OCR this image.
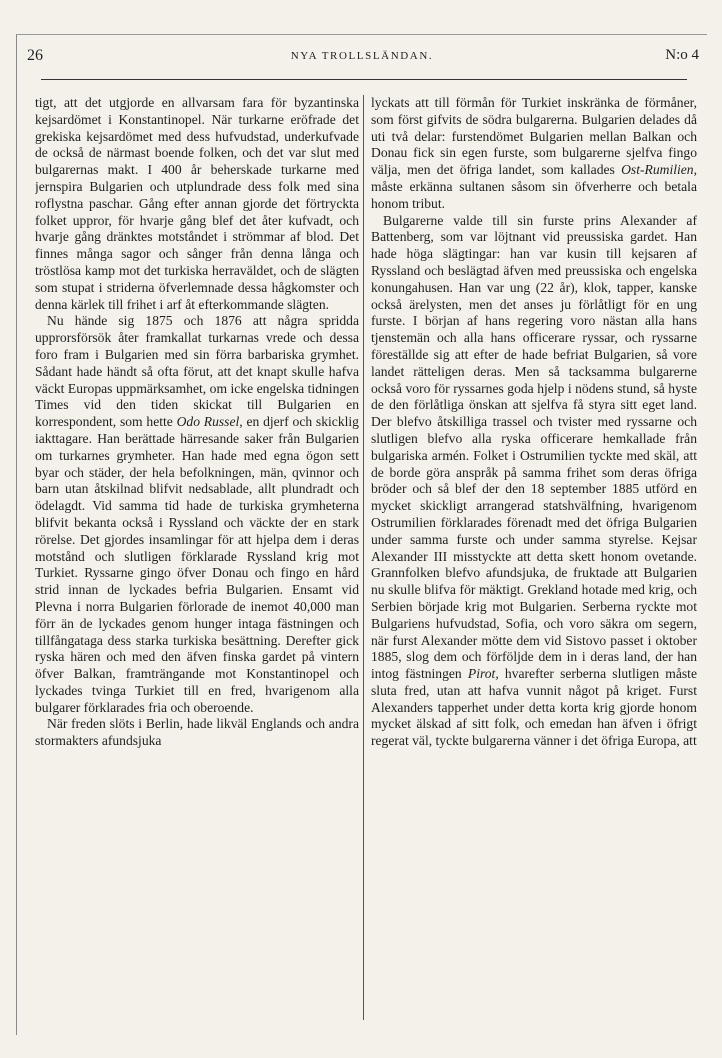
26	NYA TROLLSLÄNDAN.	N:o 4

tigt, att det utgjorde en allvarsam fara för byzantinska kejsardömet i Konstantinopel. När turkarne eröfrade det grekiska kejsardömet med dess hufvudstad, underkufvade de också de närmast boende folken, och det var slut med bulgarernas makt. I 400 år beherskade turkarne med jernspira Bulgarien och utplundrade dess folk med sina roflystna paschar. Gång efter annan gjorde det förtryckta folket uppror, för hvarje gång blef det åter kufvadt, och hvarje gång dränktes motståndet i strömmar af blod. Det finnes många sagor och sånger från denna långa och tröstlösa kamp mot det turkiska herraväldet, och de slägten som stupat i striderna öfverlemnade dessa hågkomster och denna kärlek till frihet i arf åt efterkommande slägten.

Nu hände sig 1875 och 1876 att några spridda upprorsförsök åter framkallat turkarnas vrede och dessa foro fram i Bulgarien med sin förra barbariska grymhet. Sådant hade händt så ofta förut, att det knapt skulle hafva väckt Europas uppmärksamhet, om icke engelska tidningen Times vid den tiden skickat till Bulgarien en korrespondent, som hette Odo Russel, en djerf och skicklig iakttagare. Han berättade härresande saker från Bulgarien om turkarnes grymheter. Han hade med egna ögon sett byar och städer, der hela befolkningen, män, qvinnor och barn utan åtskilnad blifvit nedsablade, allt plundradt och ödelagdt. Vid samma tid hade de turkiska grymheterna blifvit bekanta också i Ryssland och väckte der en stark rörelse. Det gjordes insamlingar för att hjelpa dem i deras motstånd och slutligen förklarade Ryssland krig mot Turkiet. Ryssarne gingo öfver Donau och fingo en hård strid innan de lyckades befria Bulgarien. Ensamt vid Plevna i norra Bulgarien förlorade de inemot 40,000 man förr än de lyckades genom hunger intaga fästningen och tillfångataga dess starka turkiska besättning. Derefter gick ryska hären och med den äfven finska gardet på vintern öfver Balkan, framträngande mot Konstantinopel och lyckades tvinga Turkiet till en fred, hvarigenom alla bulgarer förklarades fria och oberoende.

När freden slöts i Berlin, hade likväl Englands och andra stormakters afundsjuka

lyckats att till förmån för Turkiet inskränka de förmåner, som först gifvits de södra bulgarerna. Bulgarien delades då uti två delar: furstendömet Bulgarien mellan Balkan och Donau fick sin egen furste, som bulgarerne sjelfva fingo välja, men det öfriga landet, som kallades Ost-Rumilien, måste erkänna sultanen såsom sin öfverherre och betala honom tribut.

Bulgarerne valde till sin furste prins Alexander af Battenberg, som var löjtnant vid preussiska gardet. Han hade höga slägtingar: han var kusin till kejsaren af Ryssland och beslägtad äfven med preussiska och engelska konungahusen. Han var ung (22 år), klok, tapper, kanske också ärelysten, men det anses ju förlåtligt för en ung furste. I början af hans regering voro nästan alla hans tjenstemän och alla hans officerare ryssar, och ryssarne föreställde sig att efter de hade befriat Bulgarien, så vore landet rätteligen deras. Men så tacksamma bulgarerne också voro för ryssarnes goda hjelp i nödens stund, så hyste de den förlåtliga önskan att sjelfva få styra sitt eget land. Der blefvo åtskilliga trassel och tvister med ryssarne och slutligen blefvo alla ryska officerare hemkallade från bulgariska armén. Folket i Ostrumilien tyckte med skäl, att de borde göra anspråk på samma frihet som deras öfriga bröder och så blef der den 18 september 1885 utförd en mycket skickligt arrangerad statshvälfning, hvarigenom Ostrumilien förklarades förenadt med det öfriga Bulgarien under samma furste och under samma styrelse. Kejsar Alexander III misstyckte att detta skett honom ovetande. Grannfolken blefvo afundsjuka, de fruktade att Bulgarien nu skulle blifva för mäktigt. Grekland hotade med krig, och Serbien började krig mot Bulgarien. Serberna ryckte mot Bulgariens hufvudstad, Sofia, och voro säkra om segern, när furst Alexander mötte dem vid Sistovo passet i oktober 1885, slog dem och förföljde dem in i deras land, der han intog fästningen Pirot, hvarefter serberna slutligen måste sluta fred, utan att hafva vunnit något på kriget. Furst Alexanders tapperhet under detta korta krig gjorde honom mycket älskad af sitt folk, och emedan han äfven i öfrigt regerat väl, tyckte bulgarerna vänner i det öfriga Europa, att
